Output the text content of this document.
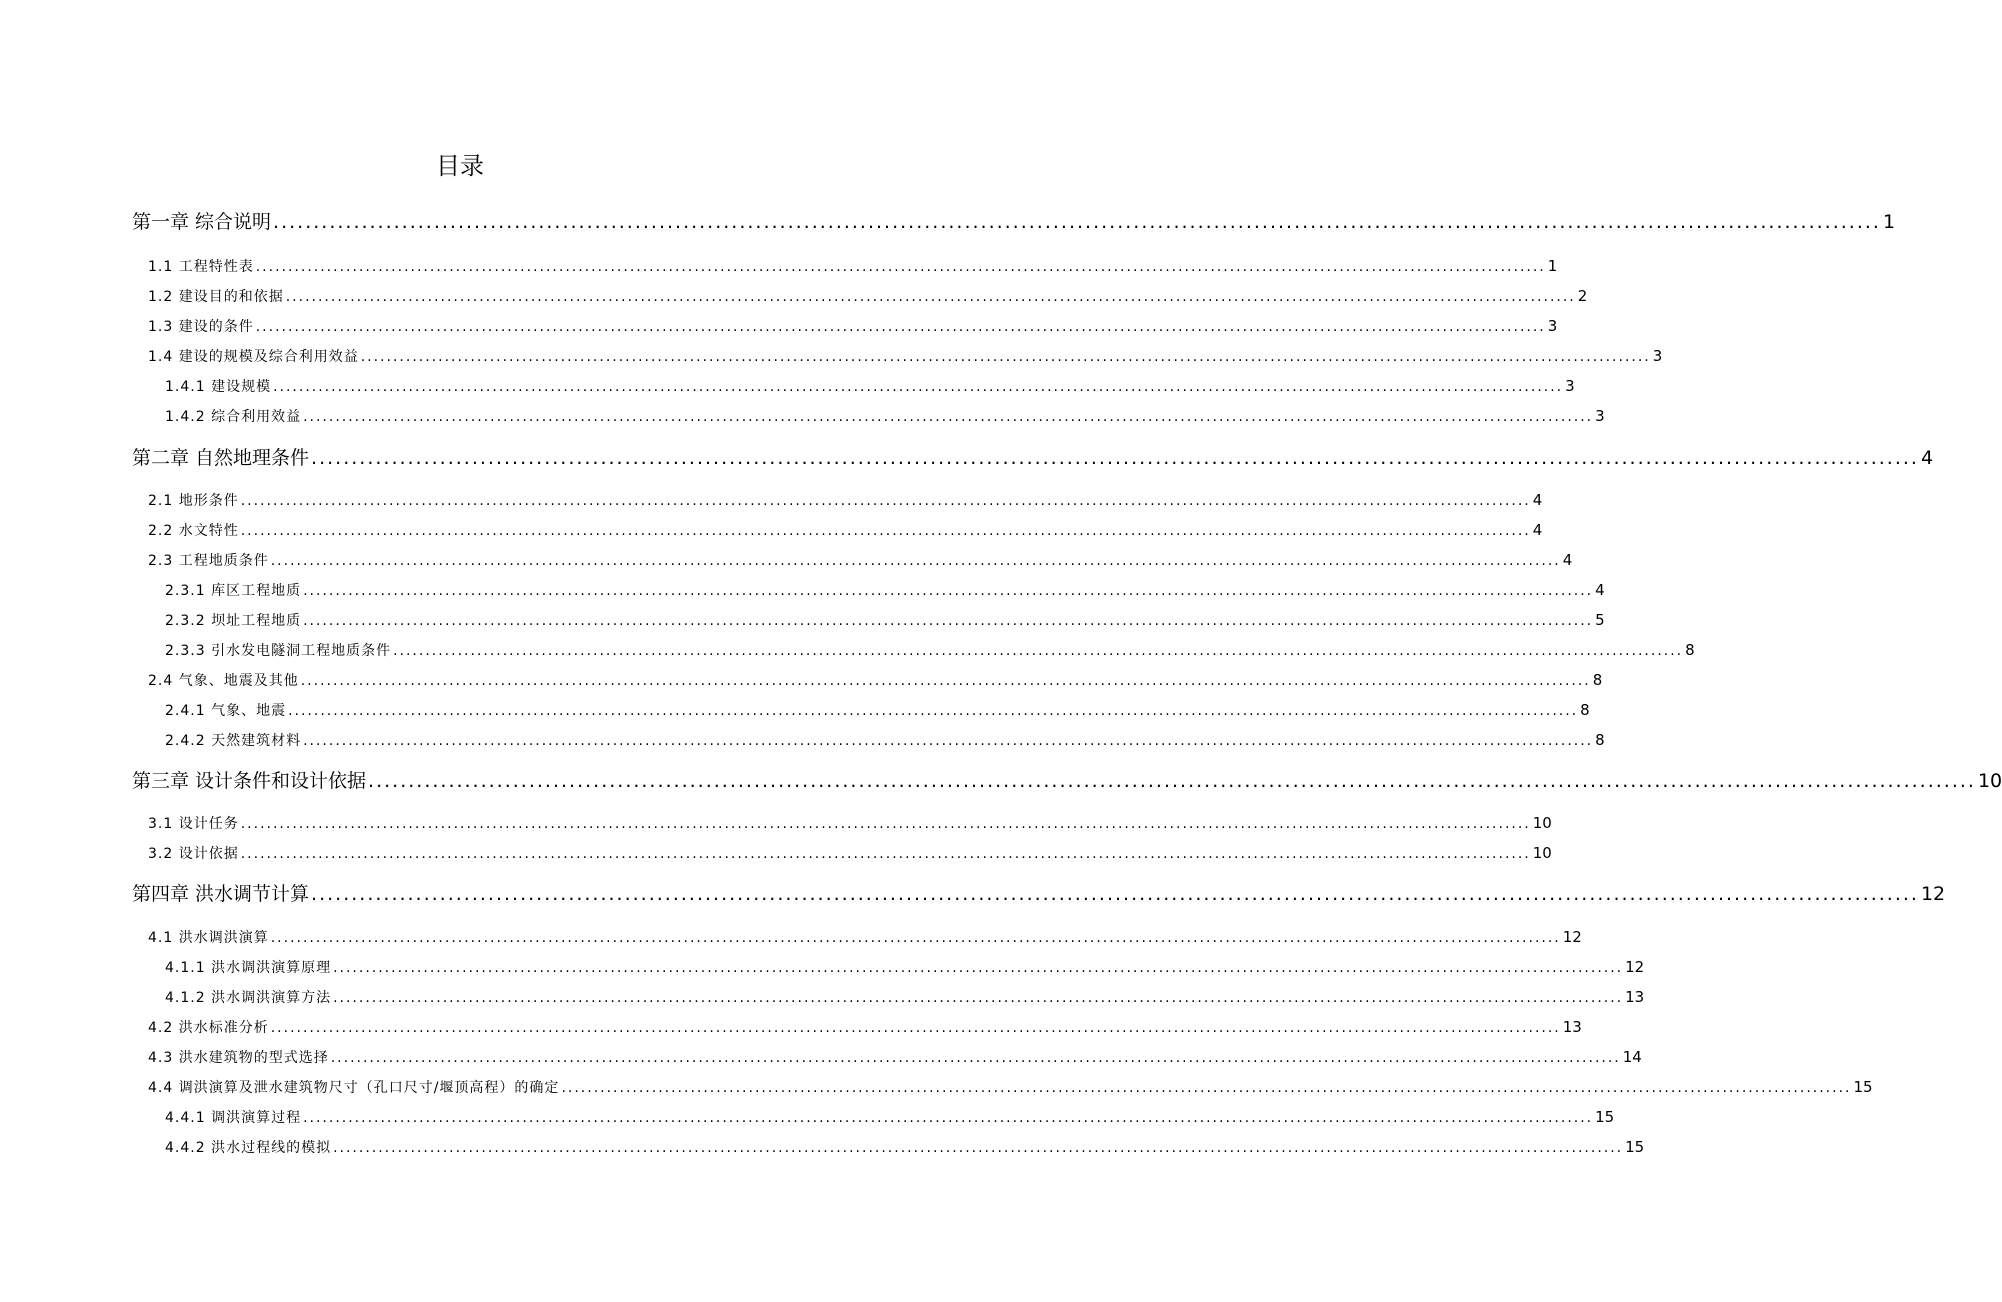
目录
第一章 综合说明 ........................................................................................................................................................................................................ 1
1.1 工程特性表 ........................................................................................................................................................................................................ 1
1.2 建设目的和依据 ........................................................................................................................................................................................................ 2
1.3 建设的条件 ........................................................................................................................................................................................................ 3
1.4 建设的规模及综合利用效益 ........................................................................................................................................................................................................ 3
1.4.1 建设规模 ........................................................................................................................................................................................................ 3
1.4.2 综合利用效益 ........................................................................................................................................................................................................ 3
第二章 自然地理条件 ........................................................................................................................................................................................................ 4
2.1 地形条件 ........................................................................................................................................................................................................ 4
2.2 水文特性 ........................................................................................................................................................................................................ 4
2.3 工程地质条件 ........................................................................................................................................................................................................ 4
2.3.1 库区工程地质 ........................................................................................................................................................................................................ 4
2.3.2 坝址工程地质 ........................................................................................................................................................................................................ 5
2.3.3 引水发电隧洞工程地质条件 ........................................................................................................................................................................................................ 8
2.4 气象、地震及其他 ........................................................................................................................................................................................................ 8
2.4.1 气象、地震 ........................................................................................................................................................................................................ 8
2.4.2 天然建筑材料 ........................................................................................................................................................................................................ 8
第三章 设计条件和设计依据 ........................................................................................................................................................................................................ 10
3.1 设计任务 ........................................................................................................................................................................................................ 10
3.2 设计依据 ........................................................................................................................................................................................................ 10
第四章 洪水调节计算 ........................................................................................................................................................................................................ 12
4.1 洪水调洪演算 ........................................................................................................................................................................................................ 12
4.1.1 洪水调洪演算原理 ........................................................................................................................................................................................................ 12
4.1.2 洪水调洪演算方法 ........................................................................................................................................................................................................ 13
4.2 洪水标准分析 ........................................................................................................................................................................................................ 13
4.3 洪水建筑物的型式选择 ........................................................................................................................................................................................................ 14
4.4 调洪演算及泄水建筑物尺寸（孔口尺寸/堰顶高程）的确定 ........................................................................................................................................................................................................ 15
4.4.1 调洪演算过程 ........................................................................................................................................................................................................ 15
4.4.2 洪水过程线的模拟 ........................................................................................................................................................................................................ 15
